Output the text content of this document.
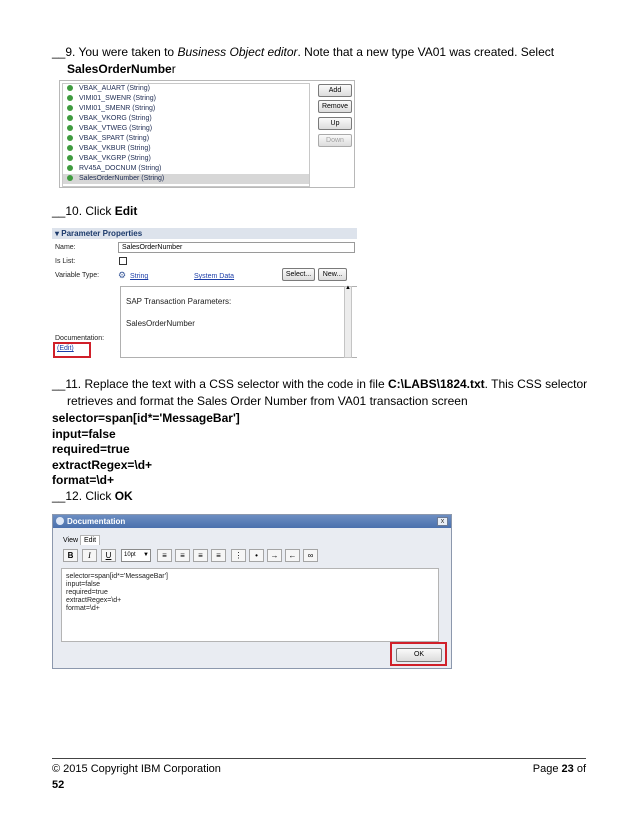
__9. You were taken to Business Object editor. Note that a new type VA01 was created. Select
SalesOrderNumber
VBAK_AUART (String)
VIMI01_SWENR (String)
VIMI01_SMENR (String)
VBAK_VKORG (String)
VBAK_VTWEG (String)
VBAK_SPART (String)
VBAK_VKBUR (String)
VBAK_VKGRP (String)
RV45A_DOCNUM (String)
SalesOrderNumber (String)
Add
Remove
Up
Down
__10. Click Edit
▾ Parameter Properties
Name:	SalesOrderNumber
Is List:
Variable Type: ⚙ String	System Data	Select...	New...
SAP Transaction Parameters:
SalesOrderNumber
▲
Documentation:
(Edit)
__11. Replace the text with a CSS selector with the code in file C:\LABS\1824.txt. This CSS selector
retrieves and format the Sales Order Number from VA01 transaction screen
selector=span[id*='MessageBar']
input=false
required=true
extractRegex=\d+
format=\d+
__12. Click OK
Documentation	x
View Edit
B	I	U	10pt ▼	≡	≡	≡	≡	⋮	•	→	←	∞
selector=span[id*='MessageBar']
input=false
required=true
extractRegex=\d+
format=\d+
OK
© 2015 Copyright IBM Corporation	Page 23 of
52
